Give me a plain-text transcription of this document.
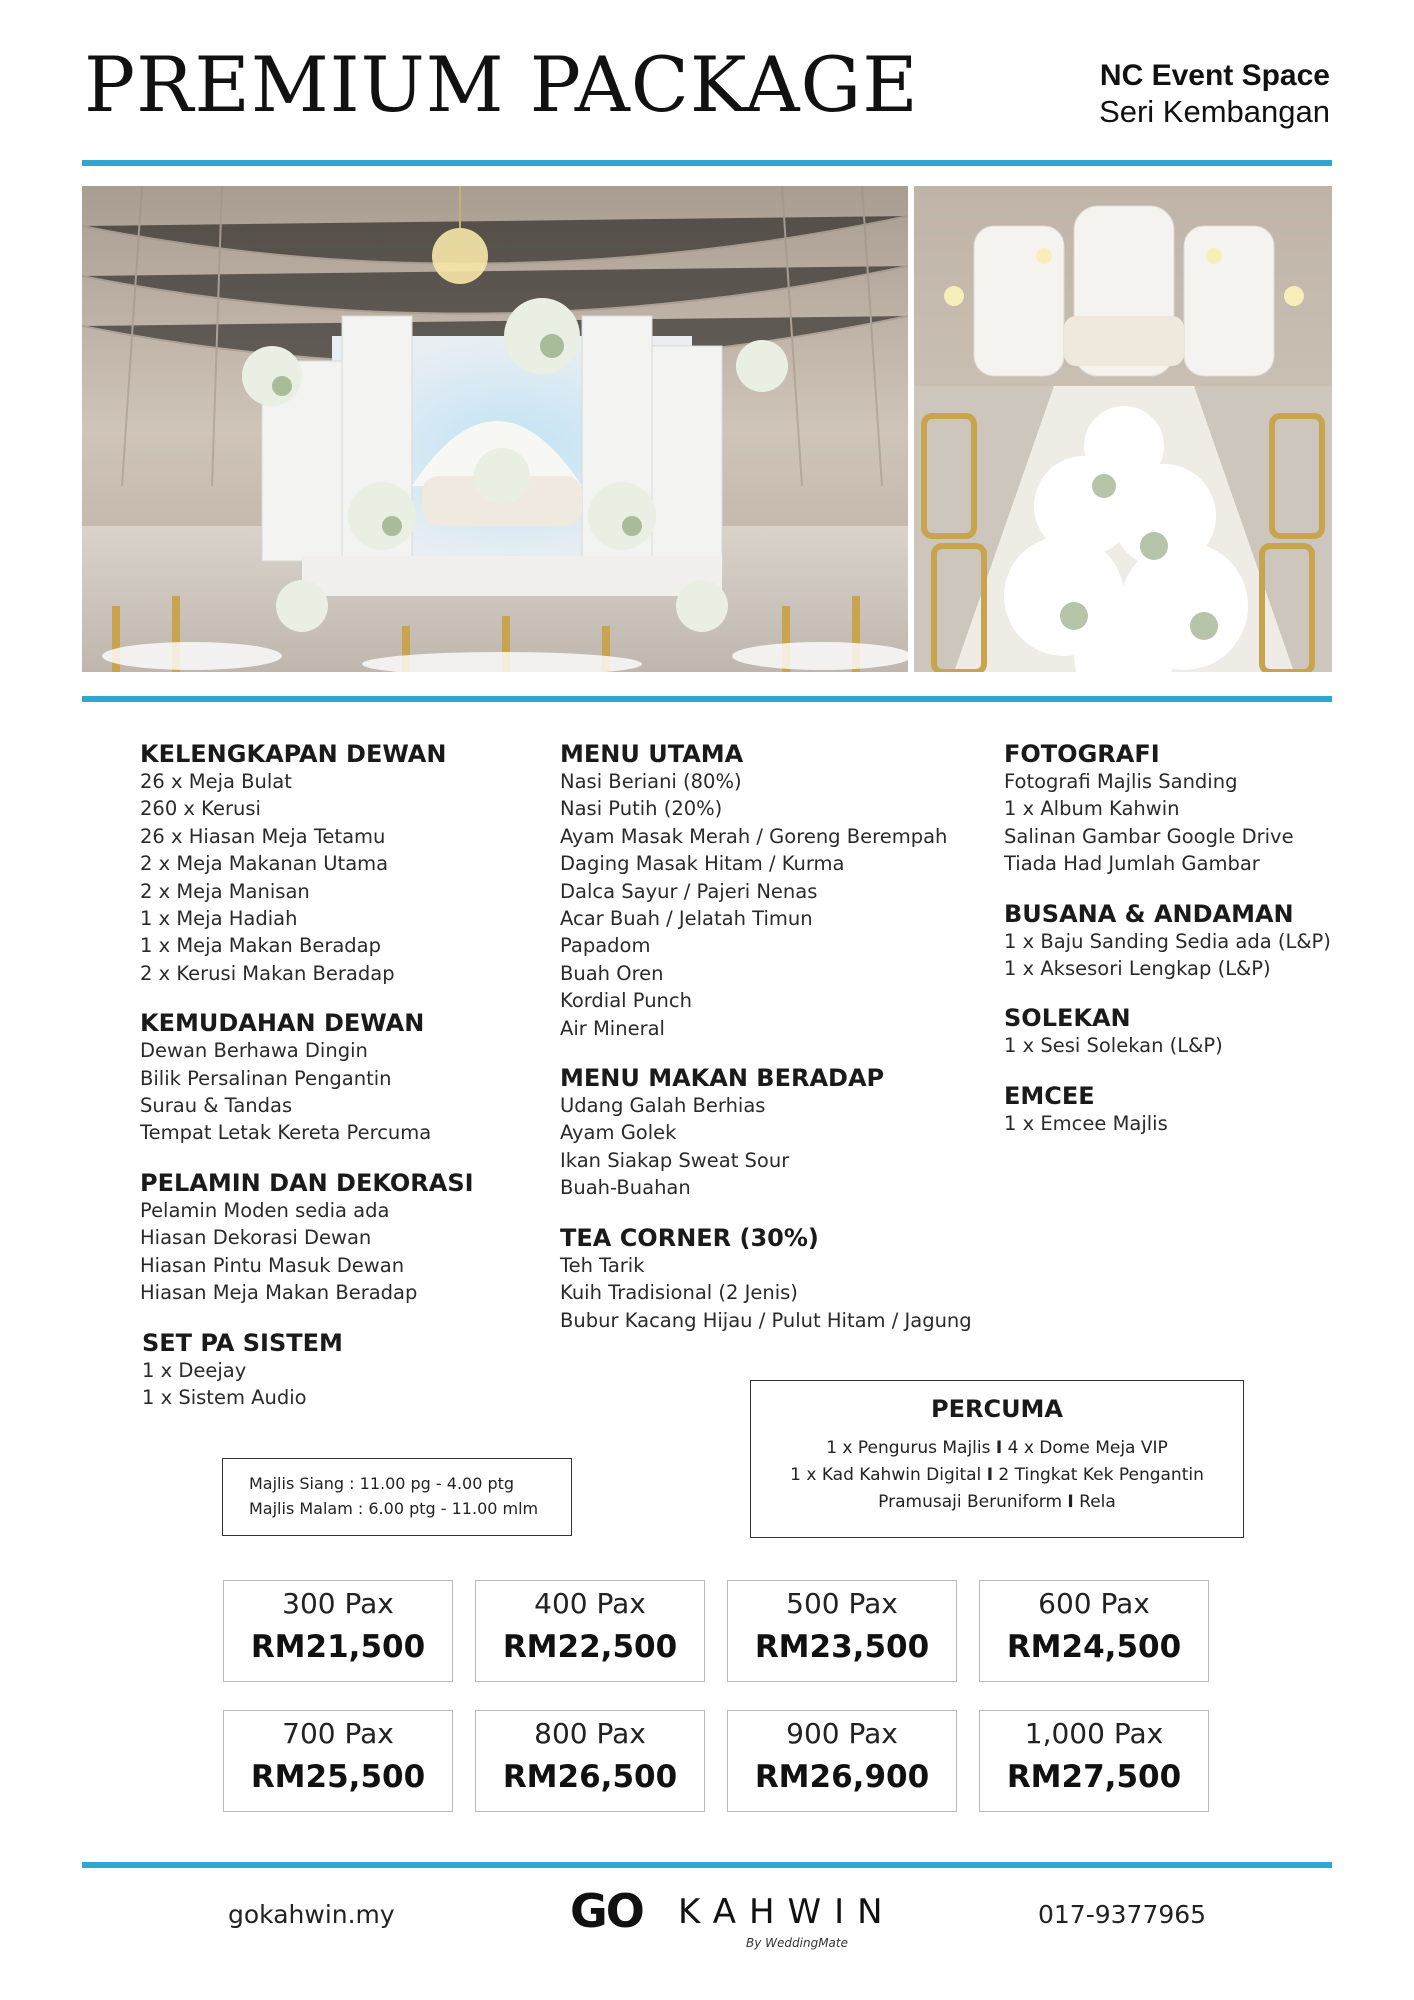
PREMIUM PACKAGE	NC Event Space
Seri Kembangan
KELENGKAPAN DEWAN
26 x Meja Bulat
260 x Kerusi
26 x Hiasan Meja Tetamu
2 x Meja Makanan Utama
2 x Meja Manisan
1 x Meja Hadiah
1 x Meja Makan Beradap
2 x Kerusi Makan Beradap
KEMUDAHAN DEWAN
Dewan Berhawa Dingin
Bilik Persalinan Pengantin
Surau & Tandas
Tempat Letak Kereta Percuma
PELAMIN DAN DEKORASI
Pelamin Moden sedia ada
Hiasan Dekorasi Dewan
Hiasan Pintu Masuk Dewan
Hiasan Meja Makan Beradap
SET PA SISTEM
1 x Deejay
1 x Sistem Audio
MENU UTAMA
Nasi Beriani (80%)
Nasi Putih (20%)
Ayam Masak Merah / Goreng Berempah
Daging Masak Hitam / Kurma
Dalca Sayur / Pajeri Nenas
Acar Buah / Jelatah Timun
Papadom
Buah Oren
Kordial Punch
Air Mineral
MENU MAKAN BERADAP
Udang Galah Berhias
Ayam Golek
Ikan Siakap Sweat Sour
Buah-Buahan
TEA CORNER (30%)
Teh Tarik
Kuih Tradisional (2 Jenis)
Bubur Kacang Hijau / Pulut Hitam / Jagung
FOTOGRAFI
Fotografi Majlis Sanding
1 x Album Kahwin
Salinan Gambar Google Drive
Tiada Had Jumlah Gambar
BUSANA & ANDAMAN
1 x Baju Sanding Sedia ada (L&P)
1 x Aksesori Lengkap (L&P)
SOLEKAN
1 x Sesi Solekan (L&P)
EMCEE
1 x Emcee Majlis
Majlis Siang : 11.00 pg - 4.00 ptg
Majlis Malam : 6.00 ptg - 11.00 mlm
PERCUMA
1 x Pengurus Majlis I 4 x Dome Meja VIP
1 x Kad Kahwin Digital I 2 Tingkat Kek Pengantin
Pramusaji Beruniform I Rela
300 Pax
RM21,500
400 Pax
RM22,500
500 Pax
RM23,500
600 Pax
RM24,500
700 Pax
RM25,500
800 Pax
RM26,500
900 Pax
RM26,900
1,000 Pax
RM27,500
gokahwin.my	GO KAHWIN
By WeddingMate
017-9377965
